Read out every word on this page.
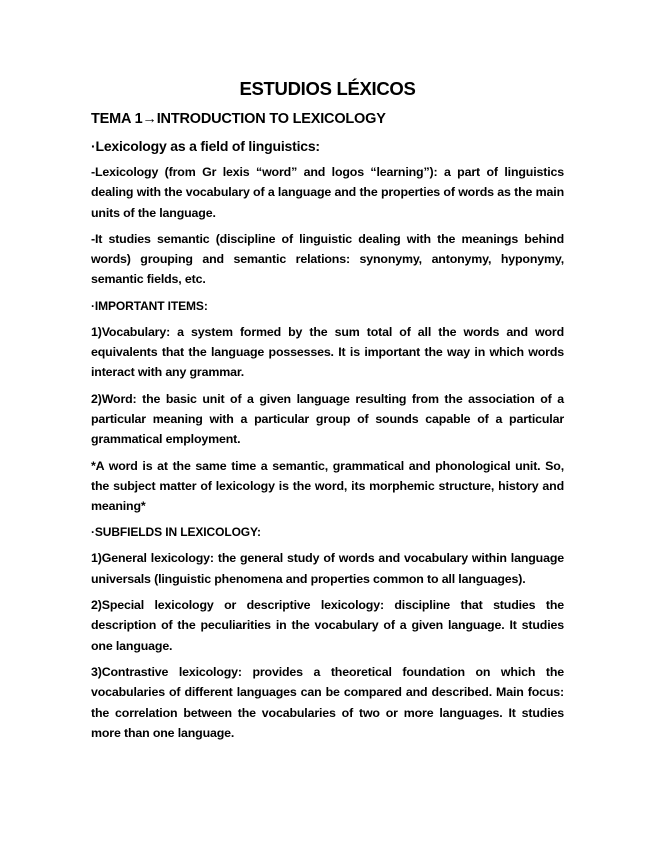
ESTUDIOS LÉXICOS
TEMA 1→INTRODUCTION TO LEXICOLOGY
·Lexicology as a field of linguistics:

-Lexicology (from Gr lexis “word” and logos “learning”): a part of linguistics dealing with the vocabulary of a language and the properties of words as the main units of the language.

-It studies semantic (discipline of linguistic dealing with the meanings behind words) grouping and semantic relations: synonymy, antonymy, hyponymy, semantic fields, etc.

·IMPORTANT ITEMS:

1)Vocabulary: a system formed by the sum total of all the words and word equivalents that the language possesses. It is important the way in which words interact with any grammar.

2)Word: the basic unit of a given language resulting from the association of a particular meaning with a particular group of sounds capable of a particular grammatical employment.

*A word is at the same time a semantic, grammatical and phonological unit. So, the subject matter of lexicology is the word, its morphemic structure, history and meaning*

·SUBFIELDS IN LEXICOLOGY:

1)General lexicology: the general study of words and vocabulary within language universals (linguistic phenomena and properties common to all languages).

2)Special lexicology or descriptive lexicology: discipline that studies the description of the peculiarities in the vocabulary of a given language. It studies one language.

3)Contrastive lexicology: provides a theoretical foundation on which the vocabularies of different languages can be compared and described. Main focus: the correlation between the vocabularies of two or more languages. It studies more than one language.
